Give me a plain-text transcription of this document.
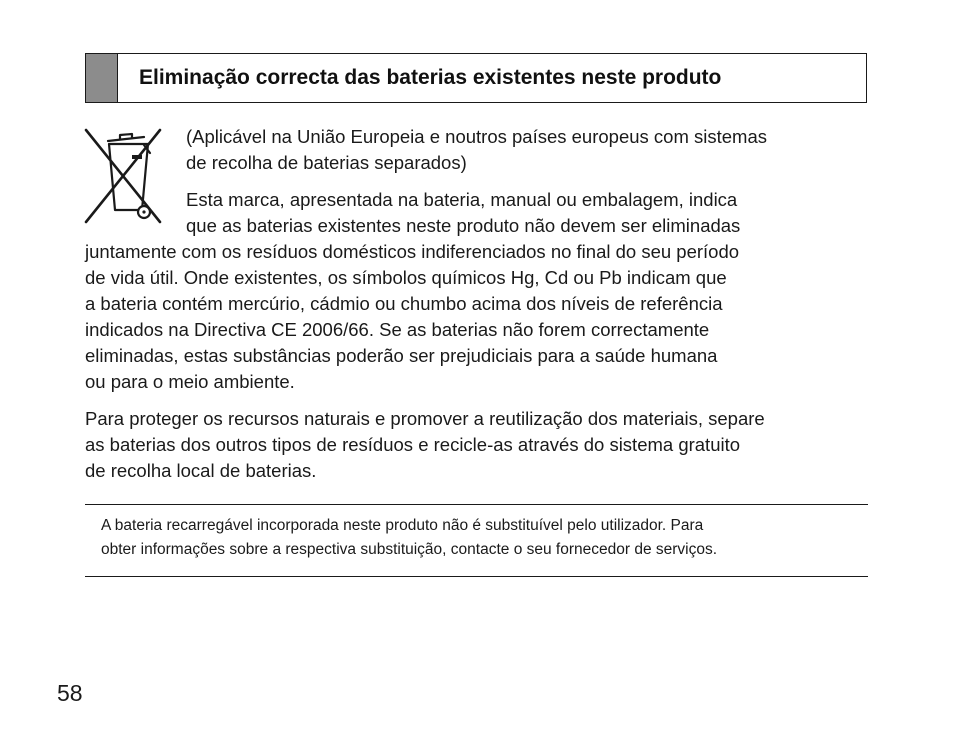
Eliminação correcta das baterias existentes neste produto
(Aplicável na União Europeia e noutros países europeus com sistemas
de recolha de baterias separados)
Esta marca, apresentada na bateria, manual ou embalagem, indica
que as baterias existentes neste produto não devem ser eliminadas
juntamente com os resíduos domésticos indiferenciados no final do seu período
de vida útil. Onde existentes, os símbolos químicos Hg, Cd ou Pb indicam que
a bateria contém mercúrio, cádmio ou chumbo acima dos níveis de referência
indicados na Directiva CE 2006/66. Se as baterias não forem correctamente
eliminadas, estas substâncias poderão ser prejudiciais para a saúde humana
ou para o meio ambiente.
Para proteger os recursos naturais e promover a reutilização dos materiais, separe
as baterias dos outros tipos de resíduos e recicle-as através do sistema gratuito
de recolha local de baterias.
A bateria recarregável incorporada neste produto não é substituível pelo utilizador. Para
obter informações sobre a respectiva substituição, contacte o seu fornecedor de serviços.
58
